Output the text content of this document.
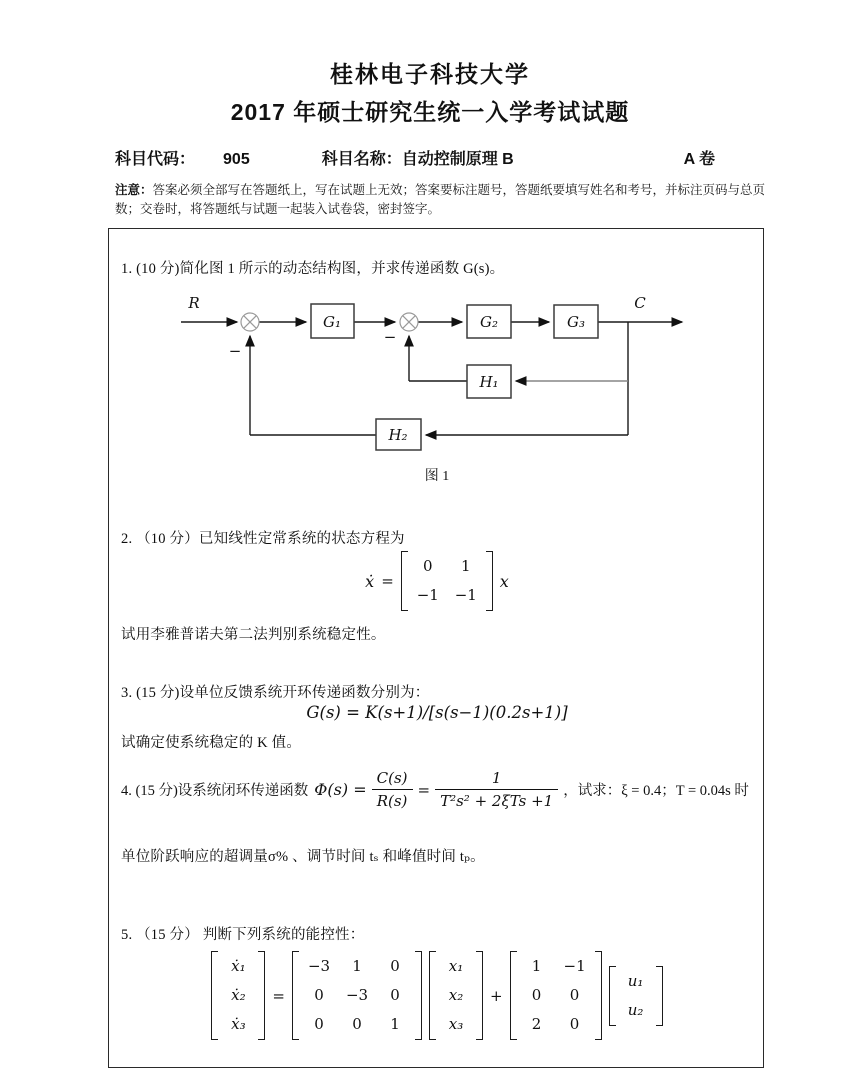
桂林电子科技大学
2017 年硕士研究生统一入学考试试题
科目代码： 905	科目名称： 自动控制原理 B	A 卷
注意：答案必须全部写在答题纸上，写在试题上无效；答案要标注题号，答题纸要填写姓名和考号，并标注页码与总页数；交卷时，将答题纸与试题一起装入试卷袋，密封签字。
1. (10 分)简化图 1 所示的动态结构图，并求传递函数 G(s)。
R	C
G₁	G₂	G₃
H₁
H₂
−
−
图 1
2. （10 分）已知线性定常系统的状态方程为
ẋ =
0	1
−1 −1
x
试用李雅普诺夫第二法判别系统稳定性。
3. (15 分)设单位反馈系统开环传递函数分别为：
G(s) = K(s+1)/[s(s−1)(0.2s+1)]
试确定使系统稳定的 K 值。
4. (15 分)设系统闭环传递函数 $\Phi(s) = \frac{C(s)}{R(s)} = \frac{1}{\text{T²s² + 2ξTs +1}}$ ，试求：ξ = 0.4；T = 0.04s 时
单位阶跃响应的超调量σ% 、调节时间 tₛ 和峰值时间 tₚ。
5. （15 分） 判断下列系统的能控性：
ẋ₁
ẋ₂
ẋ₃
=
−3	1	0
0	−3	0
0	0	1
x₁
x₂
x₃
+
1	−1
0	0
2	0
u₁
u₂
